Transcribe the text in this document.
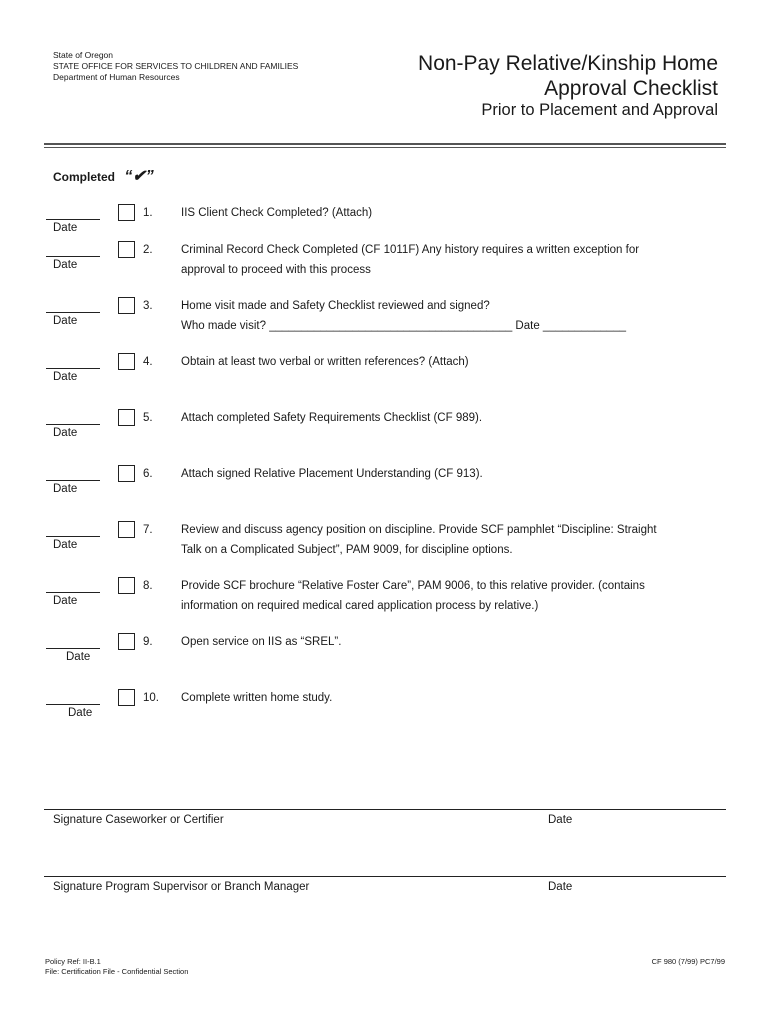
State of Oregon
STATE OFFICE FOR SERVICES TO CHILDREN AND FAMILIES
Department of Human Resources
Non-Pay Relative/Kinship Home
Approval Checklist
Prior to Placement and Approval
Completed “✔”
Date
1. IIS Client Check Completed? (Attach)
Date
2. Criminal Record Check Completed (CF 1011F) Any history requires a written exception for
approval to proceed with this process
Date
3. Home visit made and Safety Checklist reviewed and signed?
Who made visit? ______________________________________ Date _____________
Date
4. Obtain at least two verbal or written references? (Attach)
Date
5. Attach completed Safety Requirements Checklist (CF 989).
Date
6. Attach signed Relative Placement Understanding (CF 913).
Date
7. Review and discuss agency position on discipline. Provide SCF pamphlet “Discipline: Straight
Talk on a Complicated Subject”, PAM 9009, for discipline options.
Date
8. Provide SCF brochure “Relative Foster Care”, PAM 9006, to this relative provider. (contains
information on required medical cared application process by relative.)
Date
9. Open service on IIS as “SREL”.
Date
10. Complete written home study.
Signature Caseworker or Certifier	Date
Signature Program Supervisor or Branch Manager	Date
Policy Ref: II-B.1
File: Certification File - Confidential Section
CF 980 (7/99) PC7/99
